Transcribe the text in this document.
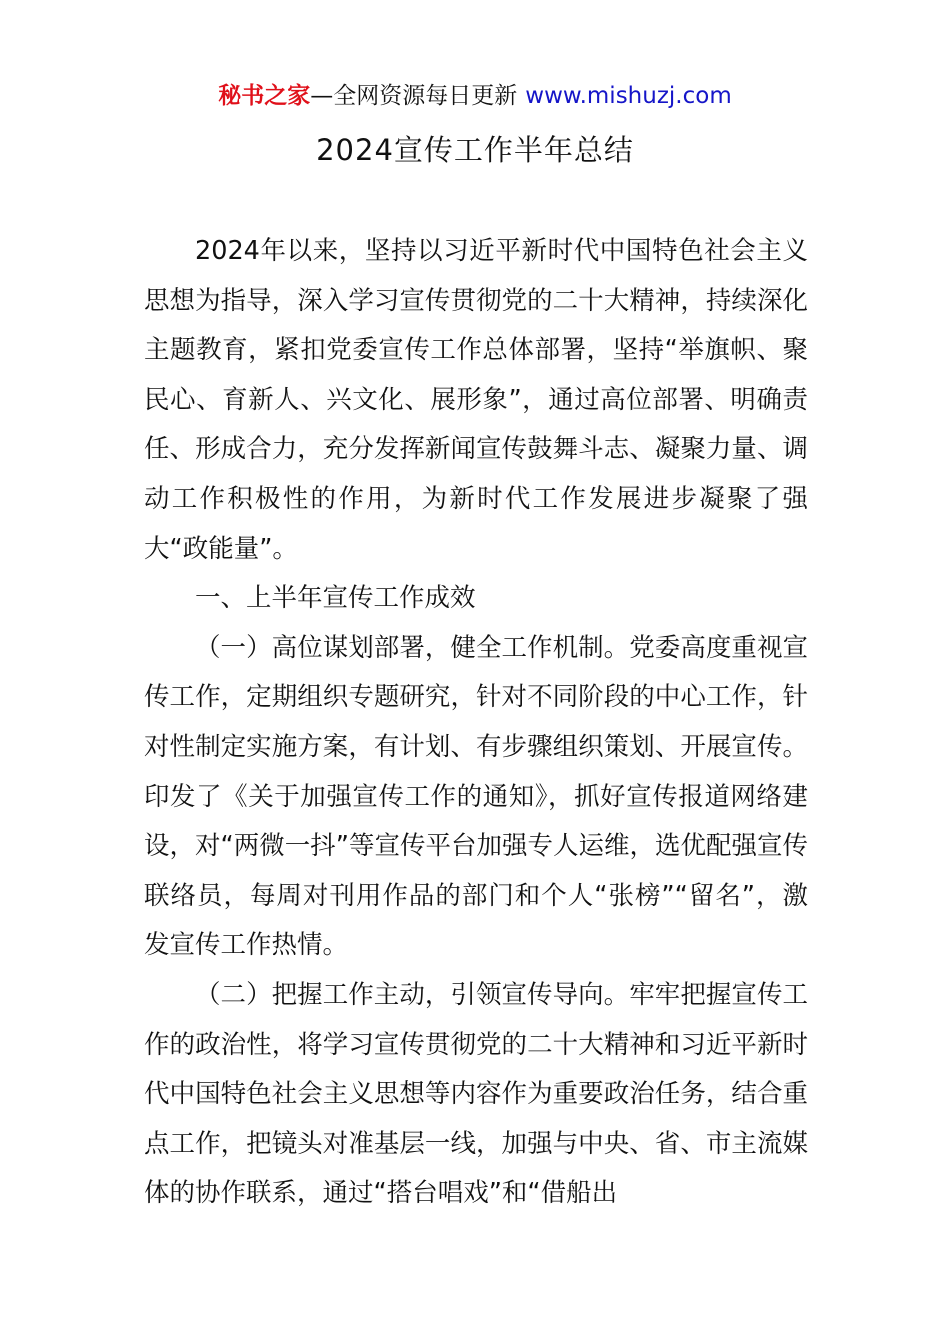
秘书之家—全网资源每日更新 www.mishuzj.com
2024宣传工作半年总结

2024年以来，坚持以习近平新时代中国特色社会主义思想为指导，深入学习宣传贯彻党的二十大精神，持续深化主题教育，紧扣党委宣传工作总体部署，坚持“举旗帜、聚民心、育新人、兴文化、展形象”，通过高位部署、明确责任、形成合力，充分发挥新闻宣传鼓舞斗志、凝聚力量、调动工作积极性的作用，为新时代工作发展进步凝聚了强大“政能量”。

一、上半年宣传工作成效

（一）高位谋划部署，健全工作机制。党委高度重视宣传工作，定期组织专题研究，针对不同阶段的中心工作，针对性制定实施方案，有计划、有步骤组织策划、开展宣传。印发了《关于加强宣传工作的通知》，抓好宣传报道网络建设，对“两微一抖”等宣传平台加强专人运维，选优配强宣传联络员，每周对刊用作品的部门和个人“张榜”“留名”，激发宣传工作热情。

（二）把握工作主动，引领宣传导向。牢牢把握宣传工作的政治性，将学习宣传贯彻党的二十大精神和习近平新时代中国特色社会主义思想等内容作为重要政治任务，结合重点工作，把镜头对准基层一线，加强与中央、省、市主流媒体的协作联系，通过“搭台唱戏”和“借船出
